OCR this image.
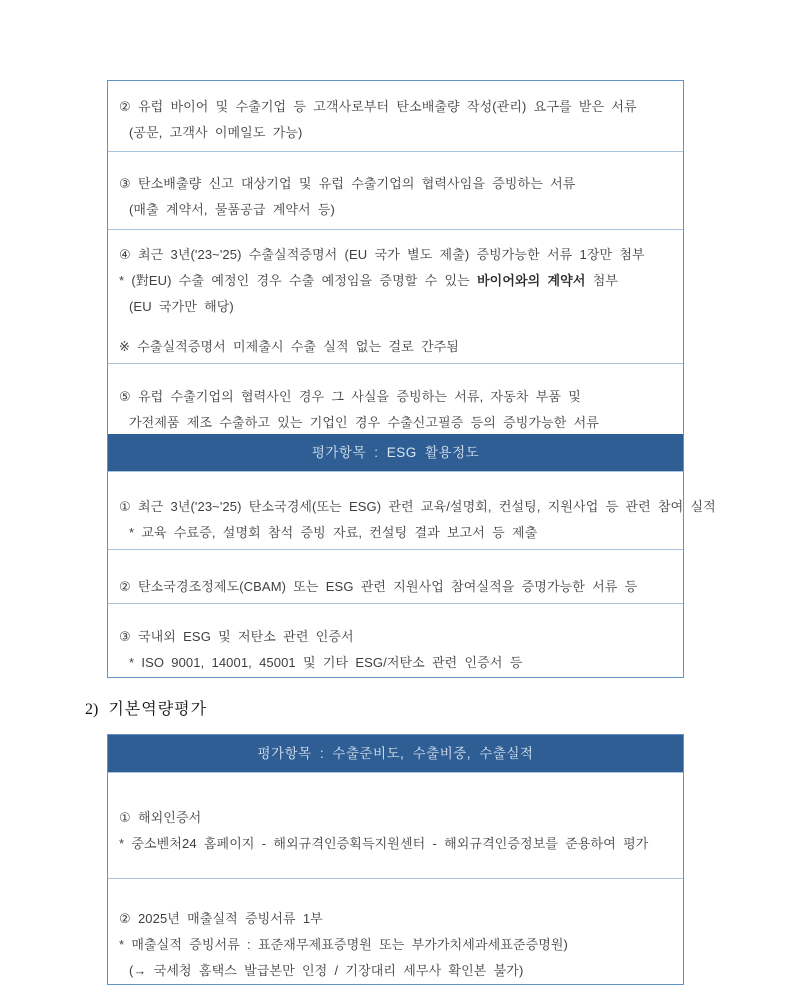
② 유럽 바이어 및 수출기업 등 고객사로부터 탄소배출량 작성(관리) 요구를 받은 서류
(공문, 고객사 이메일도 가능)
③ 탄소배출량 신고 대상기업 및 유럽 수출기업의 협력사임을 증빙하는 서류
(매출 계약서, 물품공급 계약서 등)
④ 최근 3년('23~'25) 수출실적증명서 (EU 국가 별도 제출) 증빙가능한 서류 1장만 첨부
* (對EU) 수출 예정인 경우 수출 예정임을 증명할 수 있는 바이어와의 계약서 첨부
(EU 국가만 해당)
※ 수출실적증명서 미제출시 수출 실적 없는 걸로 간주됨
⑤ 유럽 수출기업의 협력사인 경우 그 사실을 증빙하는 서류, 자동차 부품 및
가전제품 제조 수출하고 있는 기업인 경우 수출신고필증 등의 증빙가능한 서류
평가항목 : ESG 활용정도
① 최근 3년('23~'25) 탄소국경세(또는 ESG) 관련 교육/설명회, 컨설팅, 지원사업 등 관련 참여 실적
* 교육 수료증, 설명회 참석 증빙 자료, 컨설팅 결과 보고서 등 제출
② 탄소국경조정제도(CBAM) 또는 ESG 관련 지원사업 참여실적을 증명가능한 서류 등
③ 국내외 ESG 및 저탄소 관련 인증서
* ISO 9001, 14001, 45001 및 기타 ESG/저탄소 관련 인증서 등
2) 기본역량평가
평가항목 : 수출준비도, 수출비중, 수출실적
① 해외인증서
* 중소벤처24 홈페이지 - 해외규격인증획득지원센터 - 해외규격인증정보를 준용하여 평가
② 2025년 매출실적 증빙서류 1부
* 매출실적 증빙서류 : 표준재무제표증명원 또는 부가가치세과세표준증명원)
(→ 국세청 홈택스 발급본만 인정 / 기장대리 세무사 확인본 불가)
